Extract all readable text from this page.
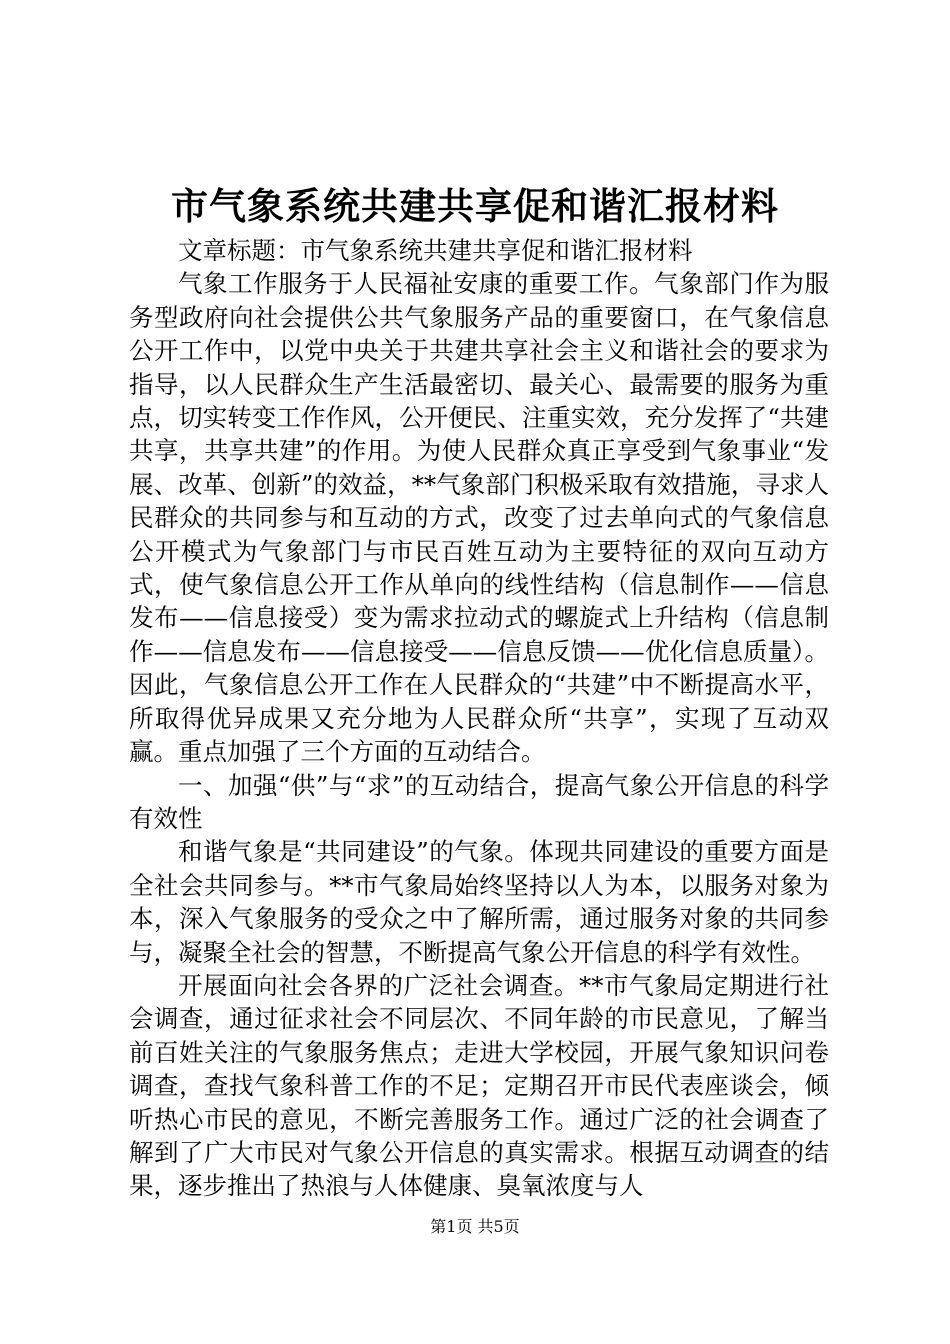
市气象系统共建共享促和谐汇报材料

文章标题：市气象系统共建共享促和谐汇报材料

气象工作服务于人民福祉安康的重要工作。气象部门作为服务型政府向社会提供公共气象服务产品的重要窗口，在气象信息公开工作中，以党中央关于共建共享社会主义和谐社会的要求为指导，以人民群众生产生活最密切、最关心、最需要的服务为重点，切实转变工作作风，公开便民、注重实效，充分发挥了“共建共享，共享共建”的作用。为使人民群众真正享受到气象事业“发展、改革、创新”的效益，**气象部门积极采取有效措施，寻求人民群众的共同参与和互动的方式，改变了过去单向式的气象信息公开模式为气象部门与市民百姓互动为主要特征的双向互动方式，使气象信息公开工作从单向的线性结构（信息制作——信息发布——信息接受）变为需求拉动式的螺旋式上升结构（信息制作——信息发布——信息接受——信息反馈——优化信息质量）。因此，气象信息公开工作在人民群众的“共建”中不断提高水平，所取得优异成果又充分地为人民群众所“共享”，实现了互动双赢。重点加强了三个方面的互动结合。

一、加强“供”与“求”的互动结合，提高气象公开信息的科学有效性

和谐气象是“共同建设”的气象。体现共同建设的重要方面是全社会共同参与。**市气象局始终坚持以人为本，以服务对象为本，深入气象服务的受众之中了解所需，通过服务对象的共同参与，凝聚全社会的智慧，不断提高气象公开信息的科学有效性。

开展面向社会各界的广泛社会调查。**市气象局定期进行社会调查，通过征求社会不同层次、不同年龄的市民意见，了解当前百姓关注的气象服务焦点；走进大学校园，开展气象知识问卷调查，查找气象科普工作的不足；定期召开市民代表座谈会，倾听热心市民的意见，不断完善服务工作。通过广泛的社会调查了解到了广大市民对气象公开信息的真实需求。根据互动调查的结果，逐步推出了热浪与人体健康、臭氧浓度与人

第1页 共5页
